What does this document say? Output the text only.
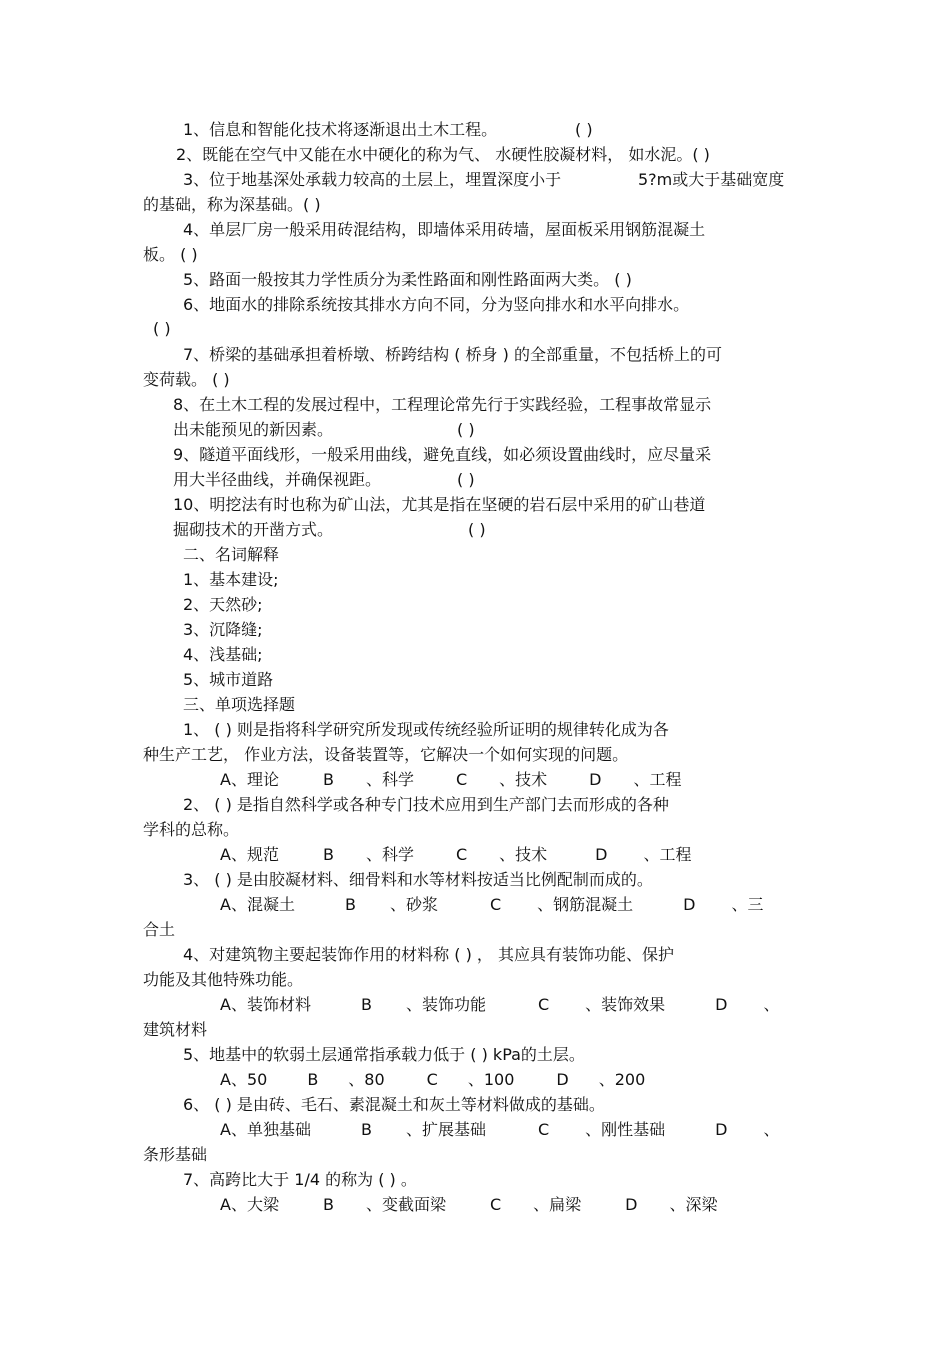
1、信息和智能化技术将逐渐退出土木工程。	( )
2、既能在空气中又能在水中硬化的称为气、 水硬性胶凝材料， 如水泥。( )
3、位于地基深处承载力较高的土层上，埋置深度小于	5?m或大于基础宽度
的基础，称为深基础。( )
4、单层厂房一般采用砖混结构，即墙体采用砖墙，屋面板采用钢筋混凝土
板。 ( )
5、路面一般按其力学性质分为柔性路面和刚性路面两大类。 ( )
6、地面水的排除系统按其排水方向不同，分为竖向排水和水平向排水。
( )
7、桥梁的基础承担着桥墩、桥跨结构 ( 桥身 ) 的全部重量，不包括桥上的可
变荷载。 ( )
8、在土木工程的发展过程中，工程理论常先行于实践经验，工程事故常显示
出未能预见的新因素。	( )
9、隧道平面线形，一般采用曲线，避免直线，如必须设置曲线时，应尽量采
用大半径曲线，并确保视距。	( )
10、明挖法有时也称为矿山法，尤其是指在坚硬的岩石层中采用的矿山巷道
掘砌技术的开凿方式。	( )
二、名词解释
1、基本建设;
2、天然砂;
3、沉降缝;
4、浅基础;
5、城市道路
三、单项选择题
1、 ( ) 则是指将科学研究所发现或传统经验所证明的规律转化成为各
种生产工艺， 作业方法，设备装置等，它解决一个如何实现的问题。
A、理论	B 、科学	C 、技术	D 、工程
2、 ( ) 是指自然科学或各种专门技术应用到生产部门去而形成的各种
学科的总称。
A、规范	B 、科学	C 、技术	D 、工程
3、 ( ) 是由胶凝材料、细骨料和水等材料按适当比例配制而成的。
A、混凝土	B 、砂浆	C 、钢筋混凝土	D 、三
合土
4、对建筑物主要起装饰作用的材料称 ( ) ， 其应具有装饰功能、保护
功能及其他特殊功能。
A、装饰材料	B 、装饰功能	C 、装饰效果	D 、
建筑材料
5、地基中的软弱土层通常指承载力低于 ( ) kPa的土层。
A、50	B 、80	C 、100	D 、200
6、 ( ) 是由砖、毛石、素混凝土和灰土等材料做成的基础。
A、单独基础	B 、扩展基础	C 、刚性基础	D 、
条形基础
7、高跨比大于 1/4 的称为 ( ) 。
A、大梁	B 、变截面梁	C 、扁梁	D 、深梁
